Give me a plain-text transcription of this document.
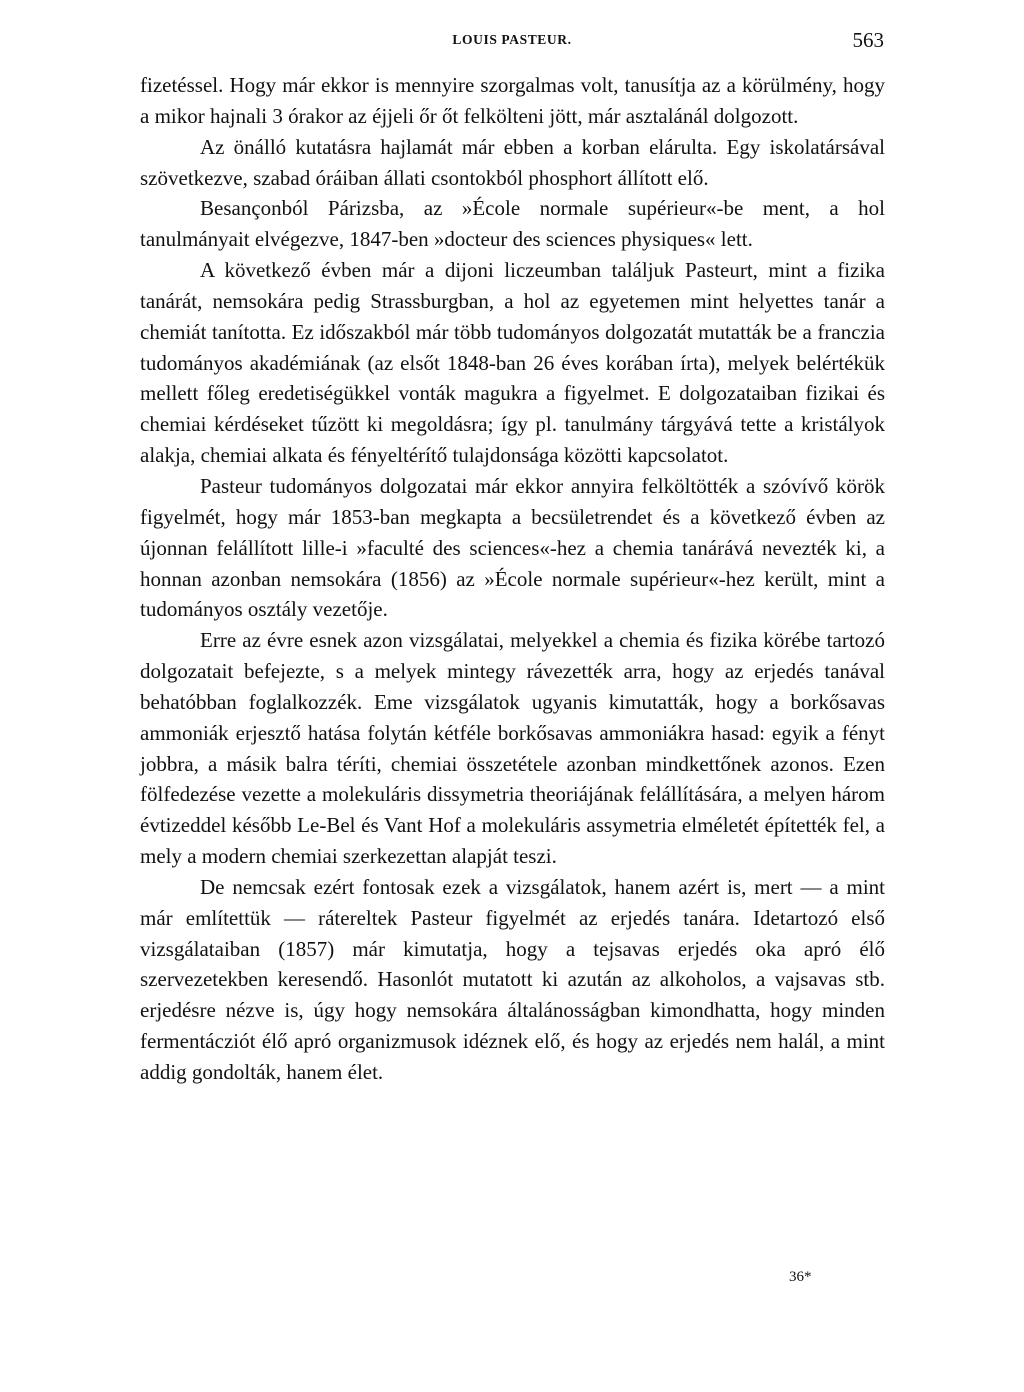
LOUIS PASTEUR.	563

fizetéssel. Hogy már ekkor is mennyire szorgalmas volt, tanusítja az a körülmény, hogy a mikor hajnali 3 órakor az éjjeli őr őt felkölteni jött, már asztalánál dolgozott.

Az önálló kutatásra hajlamát már ebben a korban elárulta. Egy iskolatársával szövetkezve, szabad óráiban állati csontokból phosphort állított elő.

Besançonból Párizsba, az »École normale supérieur«-be ment, a hol tanulmányait elvégezve, 1847-ben »docteur des sciences physiques« lett.

A következő évben már a dijoni liczeumban találjuk Pasteurt, mint a fizika tanárát, nemsokára pedig Strassburgban, a hol az egyetemen mint helyettes tanár a chemiát tanította. Ez időszakból már több tudományos dolgozatát mutatták be a franczia tudományos akadémiának (az elsőt 1848-ban 26 éves korában írta), melyek belértékük mellett főleg eredetiségükkel vonták magukra a figyelmet. E dolgozataiban fizikai és chemiai kérdéseket tűzött ki megoldásra; így pl. tanulmány tárgyává tette a kristályok alakja, chemiai alkata és fényeltérítő tulajdonsága közötti kapcsolatot.

Pasteur tudományos dolgozatai már ekkor annyira felköltötték a szóvívő körök figyelmét, hogy már 1853-ban megkapta a becsületrendet és a következő évben az újonnan felállított lille-i »faculté des sciences«-hez a chemia tanárává nevezték ki, a honnan azonban nemsokára (1856) az »École normale supérieur«-hez került, mint a tudományos osztály vezetője.

Erre az évre esnek azon vizsgálatai, melyekkel a chemia és fizika körébe tartozó dolgozatait befejezte, s a melyek mintegy rávezették arra, hogy az erjedés tanával behatóbban foglalkozzék. Eme vizsgálatok ugyanis kimutatták, hogy a borkősavas ammoniák erjesztő hatása folytán kétféle borkősavas ammoniákra hasad: egyik a fényt jobbra, a másik balra téríti, chemiai összetétele azonban mindkettőnek azonos. Ezen fölfedezése vezette a molekuláris dissymetria theoriájának felállítására, a melyen három évtizeddel később Le-Bel és Vant Hof a molekuláris assymetria elméletét építették fel, a mely a modern chemiai szerkezettan alapját teszi.

De nemcsak ezért fontosak ezek a vizsgálatok, hanem azért is, mert — a mint már említettük — rátereltek Pasteur figyelmét az erjedés tanára. Idetartozó első vizsgálataiban (1857) már kimutatja, hogy a tejsavas erjedés oka apró élő szervezetekben keresendő. Hasonlót mutatott ki azután az alkoholos, a vajsavas stb. erjedésre nézve is, úgy hogy nemsokára általánosságban kimondhatta, hogy minden fermentácziót élő apró organizmusok idéznek elő, és hogy az erjedés nem halál, a mint addig gondolták, hanem élet.

36*
